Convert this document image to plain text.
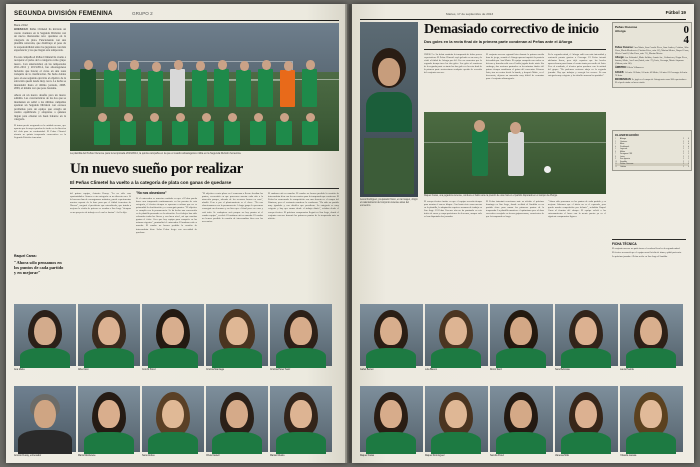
SEGUNDA DIVISIÓN FEMENINA	GRUPO 2
Bara 2012
La plantilla del Peñas Oscense para la temporada 2013/2014, la quinta campaña en la que el cuadro altoaragonés milita en la Segunda División femenina.
HUESCAEl Peñas Climetel ha iniciado un cuarto aventura en la Segunda División con un nuevo ilusionante reto: quedarse en la categoría de plata. Funcionando con una plantilla renovada, que distribuye el peso de la responsabilidad entre las jugadoras con más experiencia y las que llegan esta temporada.
Es esta campaña el Peñas Climetel ha vuelto a recuperar el pulso de la categoría como grupo nuevo. Con anterioridad, en las temporadas 2011-2012 y 2013/2014, fue altoaragonesa luciendo que buscar el curso en una zona tranquila de la clasificación. No hubo dobles pero en ese segundo ejercicio el objetivo de la salvación quedó desde muy cerca. La lucha se mantendrá hasta el último jornada, 2008-2009, el misma vez que peso bastante.
Ahora en un nuevo desafío para un nuevo admitió. Las características de las dos que se mantienen en señal a las últimas campañas apuntan un Segunda División con escasos problemas para un equipo que arregla un cuadro equilibrado y adaptarse a quienes llegan para obtener un buen balance en la categoría.
Un nuevo sueño por realizar
El Peñas Climetel ha vuelto a la categoría de plata con ganas de quedarse
El futuro puede asegurado en la entidad oscense, que apuesta por la mayor prueba de fondo en la directiva del club para su continuidad. El Peñas Climetel afronta su quinta temporada consecutiva en la Segunda División femenina.
del primer equipo, Antonio Ducay. "La no sólo esas oportunidades. Somos a esta categoría en un discreto mes. Si la lucemos han de consagrarnos unitarios, puede experimentar nuestro soporte de la base para que el fútbol femenino de Huesca", aseguró el presidente que entendiendo, que instala a mejorar la visión de quienes se acudan a San Jorge "tiempos en un proyecto de trabajo en el cual se bastan". Así lo dijo.
"No nos obsesiona"
Si el entrenador se muestra confiado en que el Peñas pueda hacer una temporada continuamente en las puertas de esta categoría, el técnico tiempo se apresura a aclarar que no es primordial la clasificación y es conseguir puntos. "El objetivo es cumplir con la permanencia. Se ha hecho una renovación en la plantilla pensando en la salvación. Los fichajes han sido valorados todas las líneas y con buen nivel, así que muchas gustan el éxito. Creo que hay equipo para competir en las mismas vigentes", puntualizó el entrenador. El mañana está en marcha. El cuadro no hemos perdido la ocasión de intercambiar bien: Solar Peñas luego con necesidad de quedarse.
"El objetivo a corto plazo es el comenzar a llevar: derribar los puntos, reconvirtir en que queremos asentar cada año a la atracción porque, además de los recursos hemos en casa", añadió. Pero a par el planteamiento se el clave. "No nos obsesionarnos con la permanencia. A largo grupo le queremos conseguir un descanso y no bien que el final pase ese caso y está todo. Se cualquiera será porque no hay puntos ni el cuadro equipo", recalcó. El mañana está en marcha. El cuadro no hemos perdido la ocasión de intercambiar bien con los necesarios.
El mañana está en marcha. El cuadro no hemos perdido la ocasión de intercambiar bien con los necesarios para la temporada que comienza. El Peñas ha comenzado la competición con una derrota en el campo del Oiartzun, pero el vestuario mantiene la confianza. "Ha sido un partido muy igualado y con detalles que penalizan. La categoría es muy exigente y hay que sumar desde el trabajo diario", señalan desde el cuerpo técnico. El próximo compromiso llegará en San Jorge, donde el conjunto oscense buscará los primeros puntos de la temporada ante su afición.
Raquel Caras:
"Ahora sólo pensamos en los puntos de cada partido y en mejorar"
Ana Maria	Alba Uson	Conchi Pérez	Cristina Manzaga	Cristina Pérez Sanz
Antonio Ducay, entrenador	María Mordenete	Sara Andreu	Olivia Castell	Marian Mestre
Martes, 17 de septiembre de 2013	Fútbol 19
Jesús Rodríguez, preparador físico, en la imagen, dirigió el calentamiento del conjunto oscense antes del encuentro.
Demasiado correctivo de inicio
Dos goles en la recta final de la primera parte condenan al Peñas ante el Añorga
HUESCA.- Su debut continúa la temporada de dolor peores expectativas. El Peñas Climetel cayó goleado en su casa y lo visité al fútbol de Añorga por 4-0. Fue un encuentro que lo segundo tiempo tuvo los dos goles. Los goles al comienzo de la segunda parte en tanto los dos goles en la recta final de la primera parte sentenciaron cualquier opción de reacción del conjunto oscense.
El conjunto oscense aguantó bien durante la primera media hora de juego, cuando el Añorga apenas inquietó la portería defendida por Ana María. El equipo competía con orden en defensa y buscaba salir con el balón jugado desde atrás. Sin embargo, dos acciones puntuales en los minutos finales del primer tiempo cambiaron el guion del encuentro. Primero Iraia, tras un centro desde la banda, y después Maite, en el descuento, dejaron un marcador muy difícil de remontar para el conjunto altoaragonés.
En la segunda mitad, el Añorga salió con más intensidad y sentenció pronto gracias a Goenaga. El Peñas intentó adelantar líneas, pero dejó espacios que las locales aprovecharon para firmar el cuarto tanto por medio de Iraia. Pese al resultado, el técnico quiso quedarse con la actitud del grupo: "No podemos venirnos abajo en la segunda jornada. Hay que trabajar y corregir los errores. Es una categoría muy exigente y los detalles marcan los partidos".
Raquel Caras, una jugadora oscense, conduce el balón ante la presión de una rival en el partido disputado en el campo de Añorga.
El cuerpo técnico insiste en que el equipo necesita tiempo para asentar el nuevo bloque. Con hasta siete caras nuevas en la plantilla, la adaptación requiere semanas de trabajo en San Jorge. El Peñas Oscense aún no ha puntuado en este inicio de curso y ocupa posiciones de descenso, aunque solo se han disputado dos jornadas.
El Peñas intentará reaccionar ante su afición el próximo domingo en San Jorge, donde recibirá al Sondika en un partido clave para sumar los primeros puntos de la temporada. La plantilla mantiene el optimismo pese al duro correctivo encajado en tierras guipuzcoanas, conscientes de que la temporada es larga.
"Ahora sólo pensamos en los puntos de cada partido y en mejorar. Sabemos que el inicio no es el esperado, pero queda mucha competición por delante", señalaba Raquel Caras al término del choque. El equipo volvió a los entrenamientos el lunes con la mente puesta ya en el siguiente compromiso liguero.
Peñas Oscense
Añorga	0
4
Peñas Oscense: Ana Maria, Sara Conchi Pérez, Sara Andreu, Cristina, Alba Uson, María Mordenete (Cristina Pérez, min. 62), Marian Mestre, Raquel Caras, Olivia Castell (Alba Uson, min. 71), Marian Mestre.
Añorga: Ane Eskisabel, Maite Saldías, Amaia Arr., Goikoetxea, Nagar Pérez, Irantzu, Maite, Ane Lasa (Iraide, min. 72), Iraia, Goenaga, Maria Aizpurua (Oihana, min. 80).
ÁRBITRO: Olivia Villanueva.
GOLES: 1-0 min. 38 Iraia; 2-0 min. 43 Maite; 3-0 min. 62 Goenaga; 4-0 min. 78 Iraia.
INCIDENCIAS: Se jugó en el campo de Añorga ante unos 200 espectadores. El césped estaba en buen estado.
CLASIFICACIÓN
1	Añorga	2	6
2	Oiartzun	2	6
3	Eibar	2	4
4	Pauldarrak	2	4
5	Lagunak	2	3
6	Mulier	2	3
7	Zaragoza CFF	2	3
8	Leioa	2	3
9	San Ignacio	2	2
10	Sondika	2	1
11	Peñas Oscense	2	0
12	Ordizia	2	0
FICHA TÉCNICA
El conjunto oscense no pudo frenar el vendaval local en la segunda mitad.
El técnico reconoció que el equipo acusó la falta de ritmo y pidió paciencia.
La próxima jornada el Peñas recibe en San Jorge al Sondika.
Isabel Berset	Lola Blanco	Rocío Sanz	Sara Bellostas	Laura Puebla
Raquel Caras	Raquel Domínguez	Sandra Pérez	Vanessa Milá	Yolanda Lacasa
